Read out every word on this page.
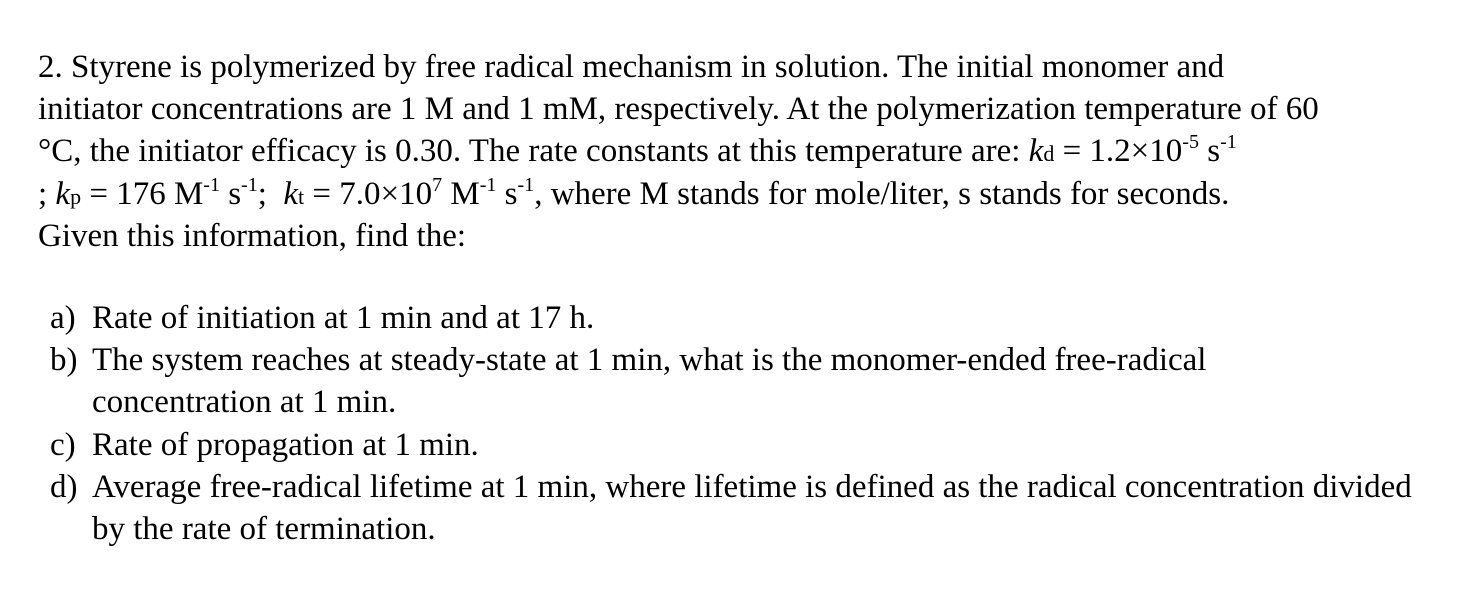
2. Styrene is polymerized by free radical mechanism in solution. The initial monomer and
initiator concentrations are 1 M and 1 mM, respectively. At the polymerization temperature of 60
°C, the initiator efficacy is 0.30. The rate constants at this temperature are: kd = $1.2\times 10^{-5}$ $s^{-1}$
; kp = 176 $M^{-1}$ $s^{-1}$;  kt = $7.0\times 10^7$ $M^{-1}$ $s^{-1}$, where M stands for mole/liter, s stands for seconds.
Given this information, find the:
a) Rate of initiation at 1 min and at 17 h.
b) The system reaches at steady-state at 1 min, what is the monomer-ended free-radical concentration at 1 min.
c) Rate of propagation at 1 min.
d) Average free-radical lifetime at 1 min, where lifetime is defined as the radical concentration divided by the rate of termination.
